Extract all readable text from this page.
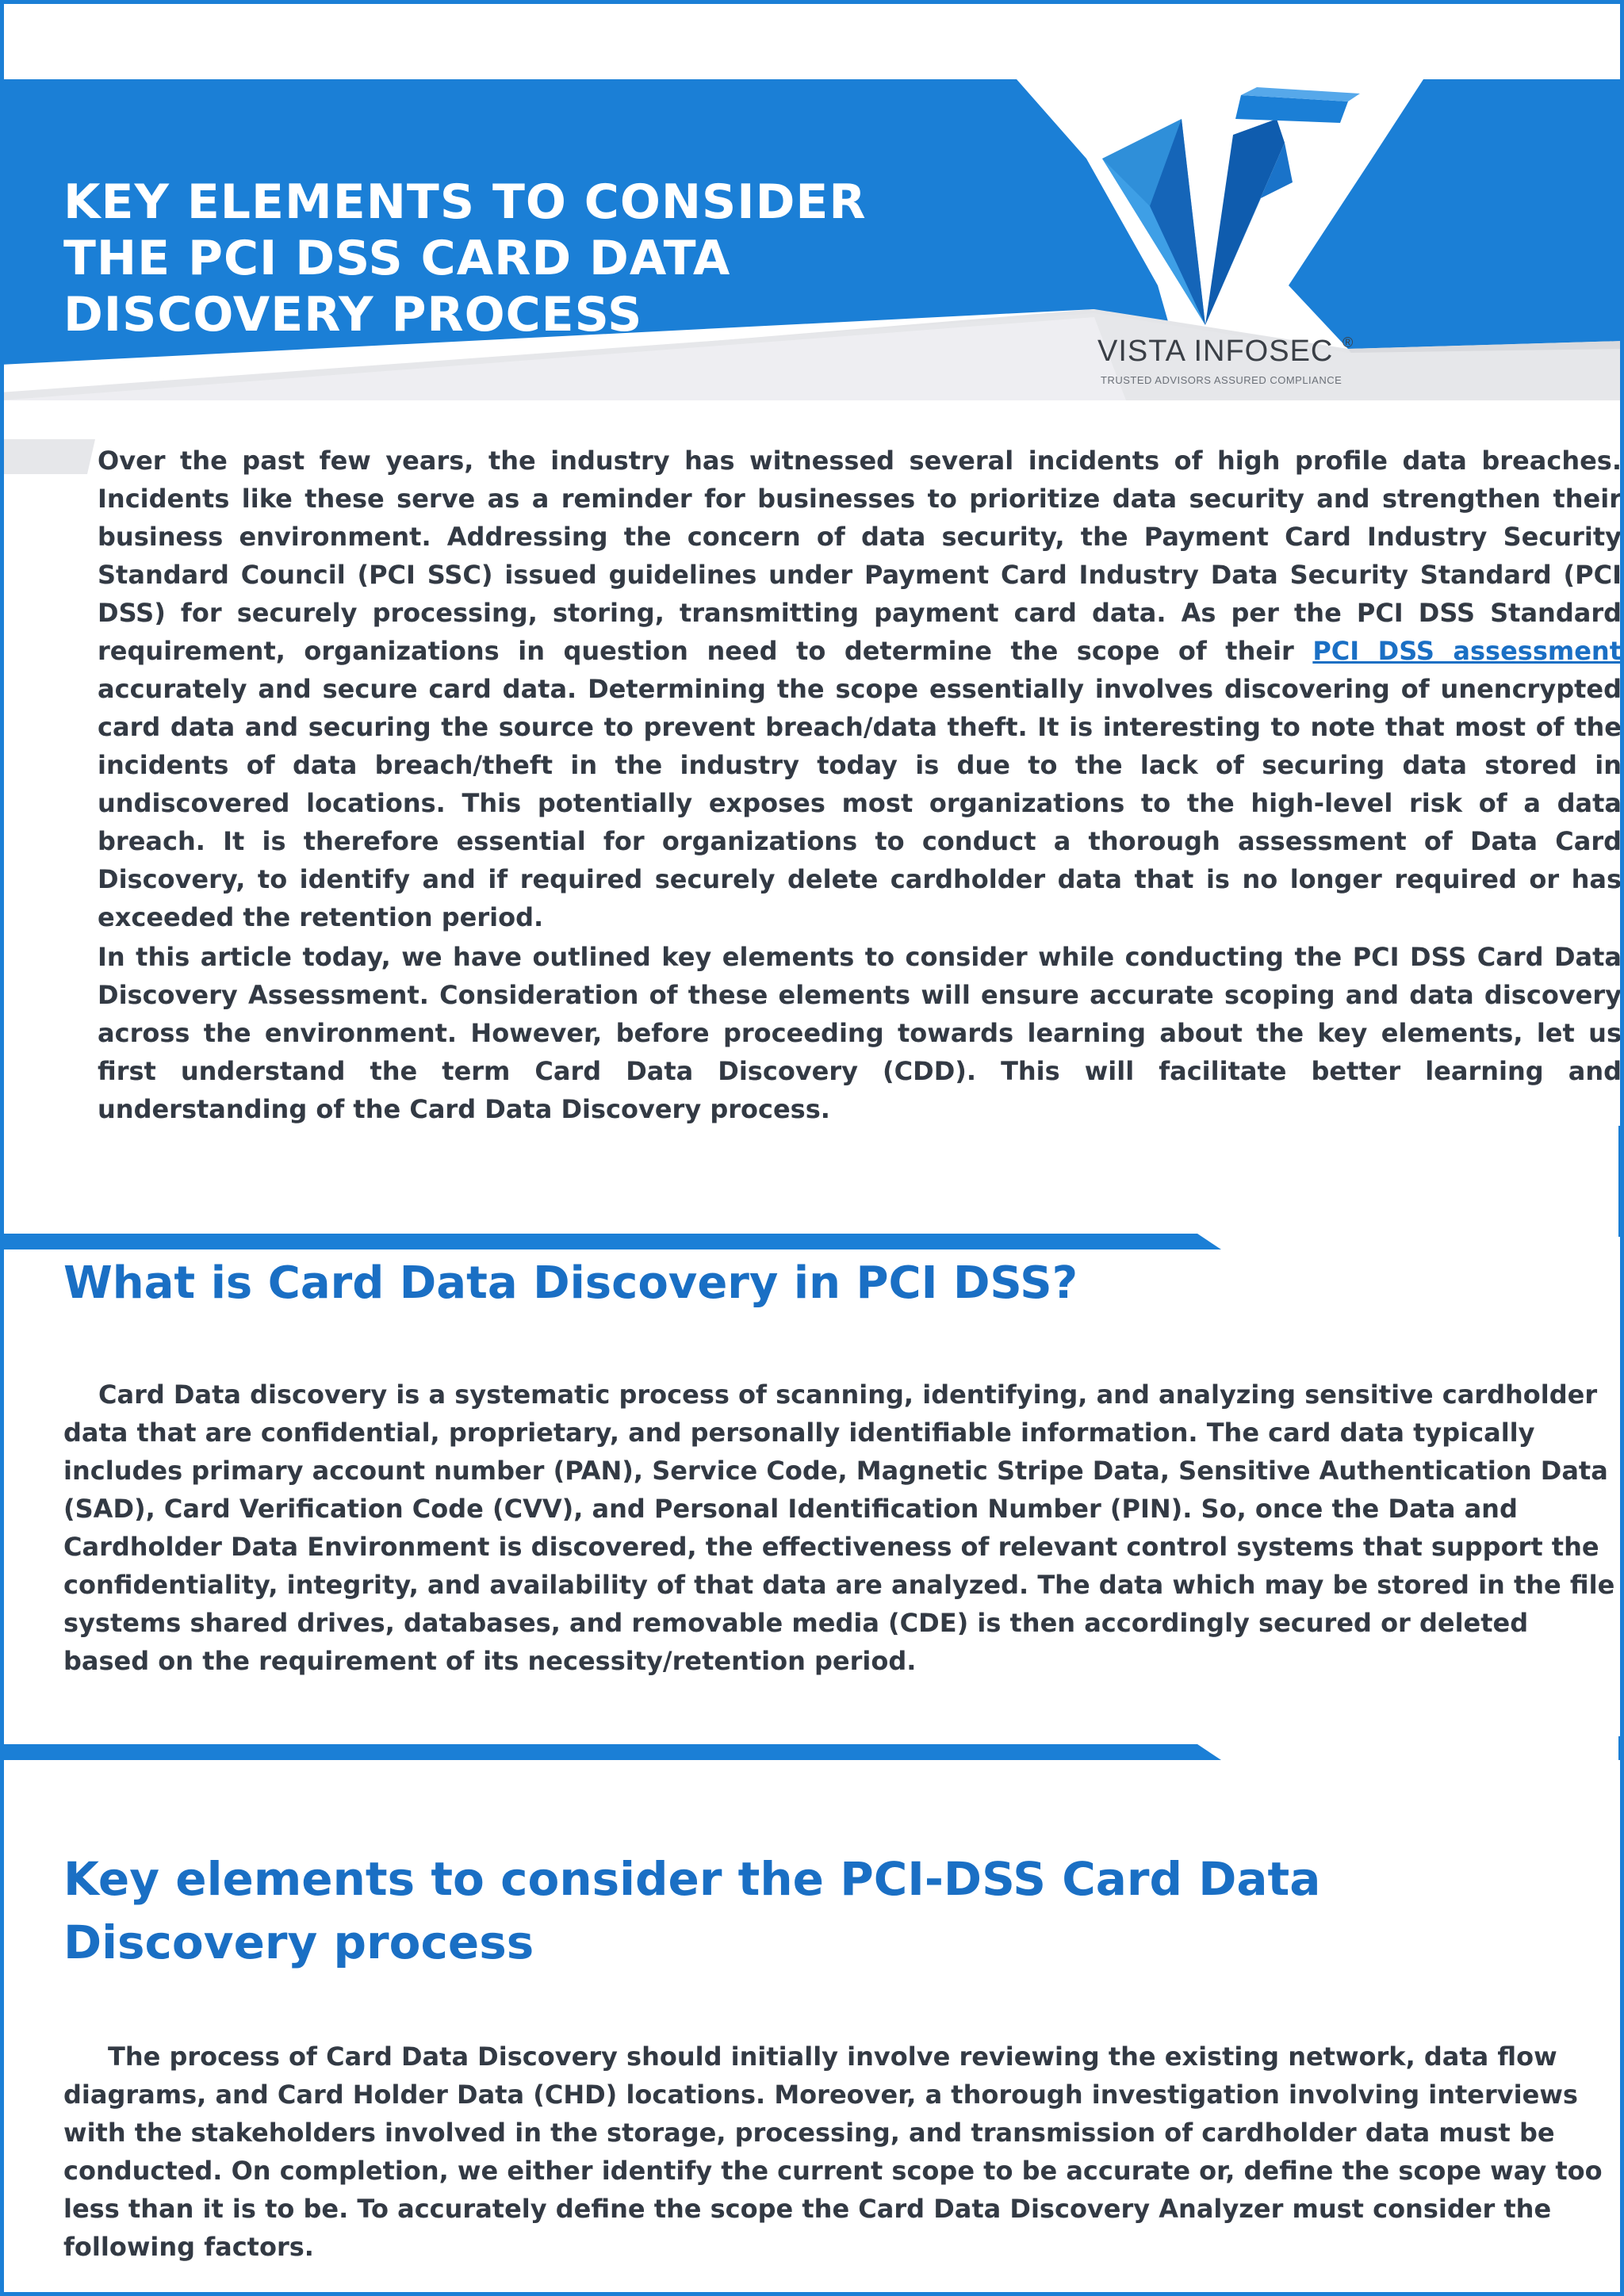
KEY ELEMENTS TO CONSIDER
THE PCI DSS CARD DATA
DISCOVERY PROCESS
VISTA INFOSEC ®
TRUSTED ADVISORS ASSURED COMPLIANCE

Over the past few years, the industry has witnessed several incidents of high profile data breaches. Incidents like these serve as a reminder for businesses to prioritize data security and strengthen their business environment. Addressing the concern of data security, the Payment Card Industry Security Standard Council (PCI SSC) issued guidelines under Payment Card Industry Data Security Standard (PCI DSS) for securely processing, storing, transmitting payment card data. As per the PCI DSS Standard requirement, organizations in question need to determine the scope of their PCI DSS assessment accurately and secure card data. Determining the scope essentially involves discovering of unencrypted card data and securing the source to prevent breach/data theft. It is interesting to note that most of the incidents of data breach/theft in the industry today is due to the lack of securing data stored in undiscovered locations. This potentially exposes most organizations to the high-level risk of a data breach. It is therefore essential for organizations to conduct a thorough assessment of Data Card Discovery, to identify and if required securely delete cardholder data that is no longer required or has exceeded the retention period.

In this article today, we have outlined key elements to consider while conducting the PCI DSS Card Data Discovery Assessment. Consideration of these elements will ensure accurate scoping and data discovery across the environment. However, before proceeding towards learning about the key elements, let us first understand the term Card Data Discovery (CDD). This will facilitate better learning and understanding of the Card Data Discovery process.

What is Card Data Discovery in PCI DSS?

Card Data discovery is a systematic process of scanning, identifying, and analyzing sensitive cardholder data that are confidential, proprietary, and personally identifiable information. The card data typically includes primary account number (PAN), Service Code, Magnetic Stripe Data, Sensitive Authentication Data (SAD), Card Verification Code (CVV), and Personal Identification Number (PIN). So, once the Data and Cardholder Data Environment is discovered, the effectiveness of relevant control systems that support the confidentiality, integrity, and availability of that data are analyzed. The data which may be stored in the file systems shared drives, databases, and removable media (CDE) is then accordingly secured or deleted based on the requirement of its necessity/retention period.

Key elements to consider the PCI-DSS Card Data Discovery process

The process of Card Data Discovery should initially involve reviewing the existing network, data flow diagrams, and Card Holder Data (CHD) locations. Moreover, a thorough investigation involving interviews with the stakeholders involved in the storage, processing, and transmission of cardholder data must be conducted. On completion, we either identify the current scope to be accurate or, define the scope way too less than it is to be. To accurately define the scope the Card Data Discovery Analyzer must consider the following factors.
